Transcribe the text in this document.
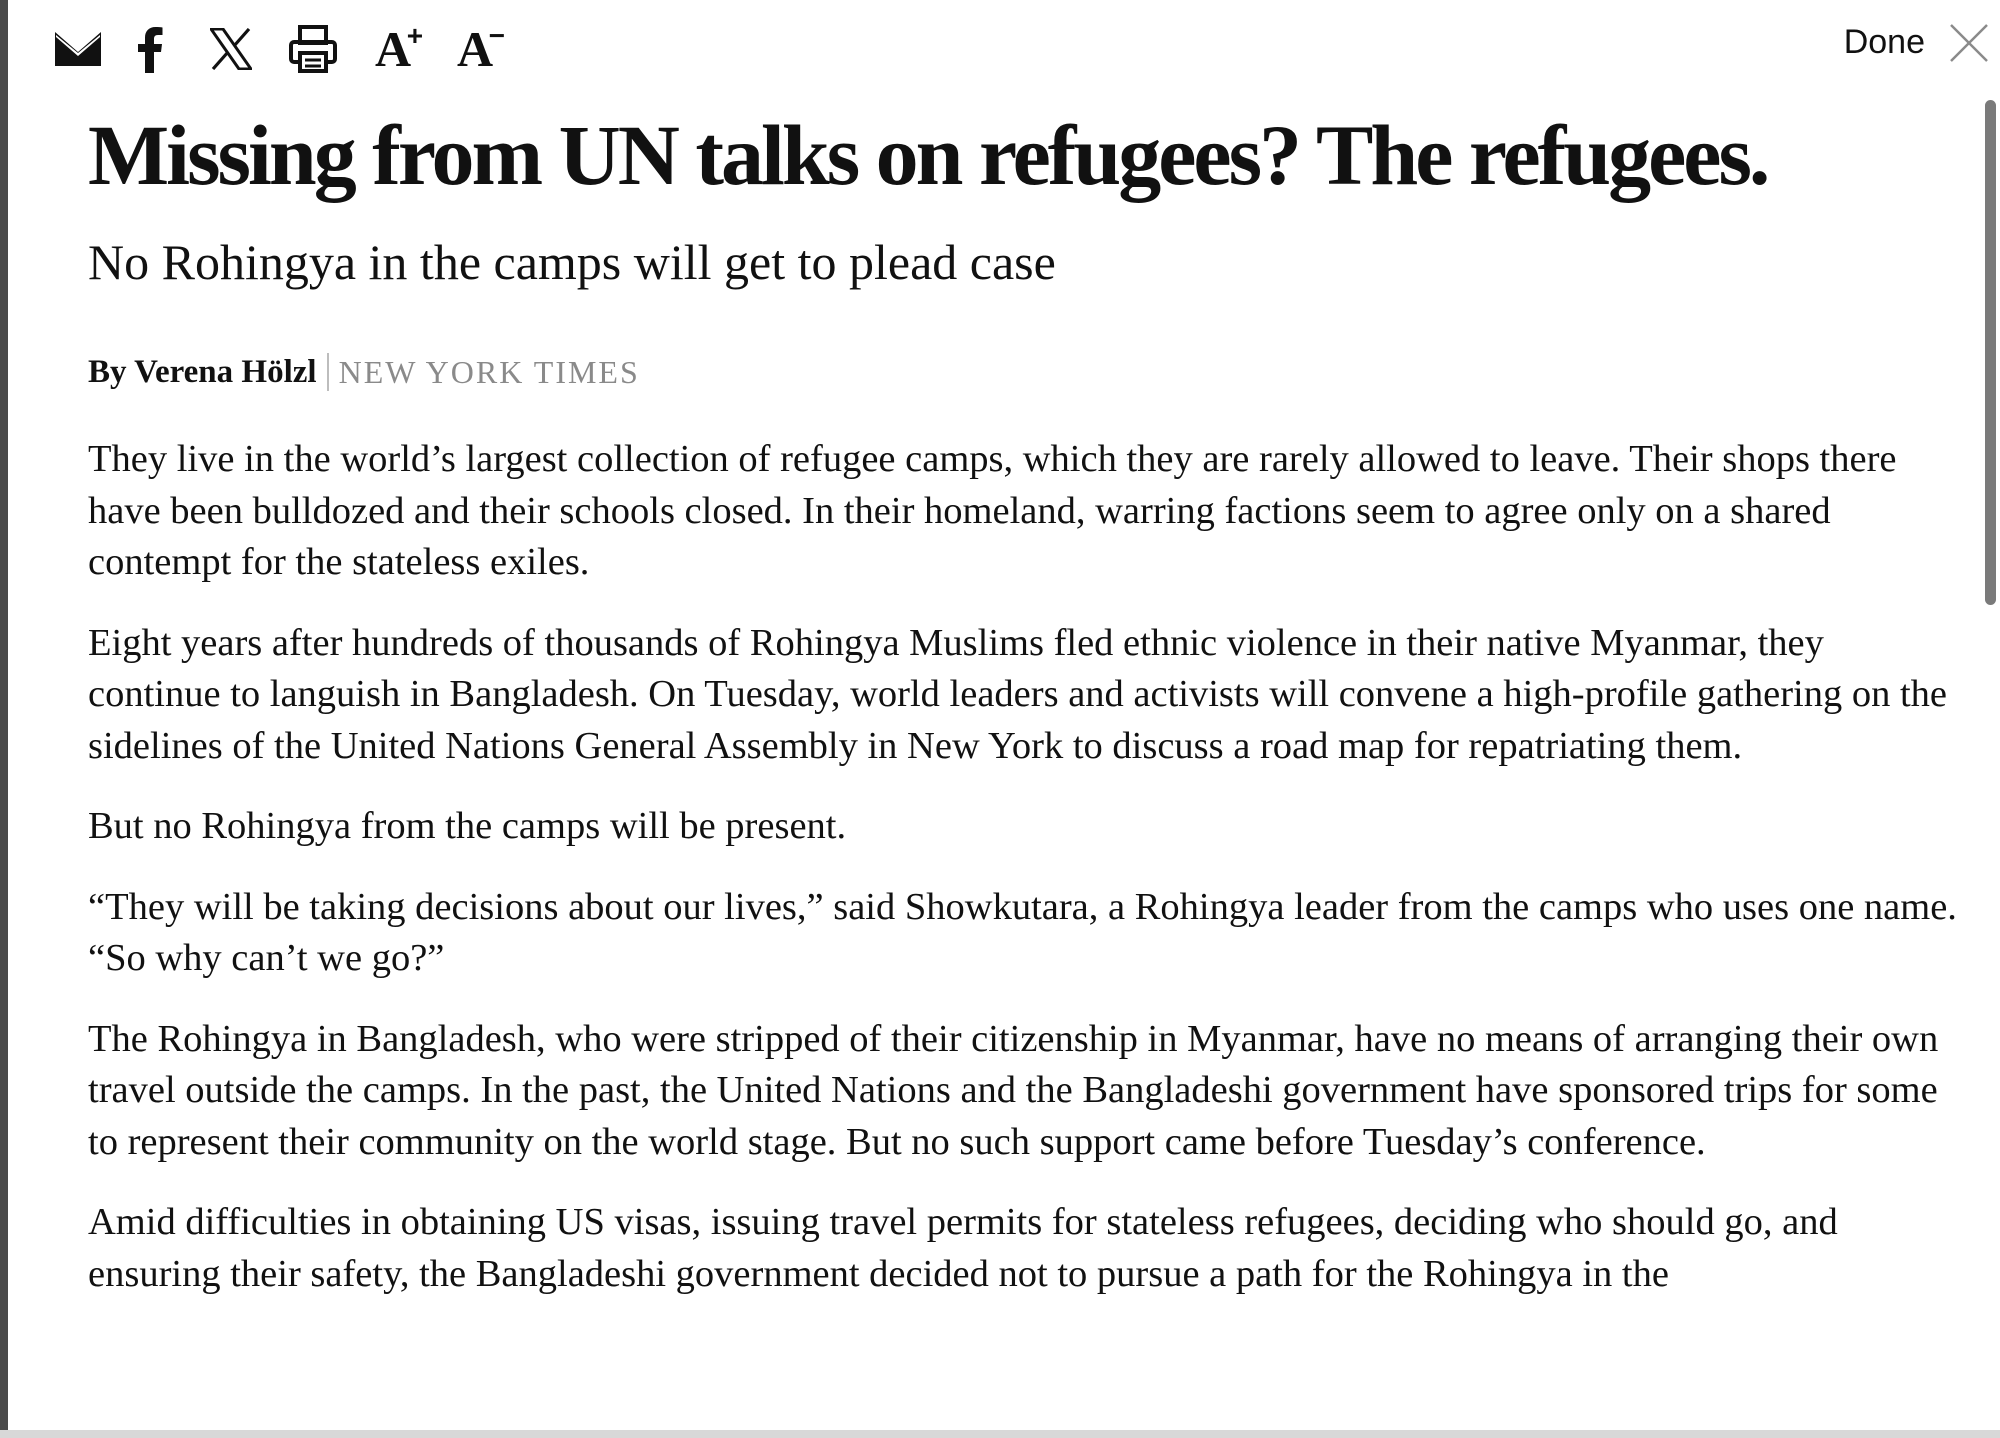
A
+ A
−	Done
Missing from UN talks on refugees? The refugees.
No Rohingya in the camps will get to plead case
By Verena Hölzl NEW YORK TIMES

They live in the world’s largest collection of refugee camps, which they are rarely allowed to leave. Their shops there have been bulldozed and their schools closed. In their homeland, warring factions seem to agree only on a shared contempt for the stateless exiles.

Eight years after hundreds of thousands of Rohingya Muslims fled ethnic violence in their native Myanmar, they continue to languish in Bangladesh. On Tuesday, world leaders and activists will convene a high-profile gathering on the sidelines of the United Nations General Assembly in New York to discuss a road map for repatriating them.

But no Rohingya from the camps will be present.

“They will be taking decisions about our lives,” said Showkutara, a Rohingya leader from the camps who uses one name. “So why can’t we go?”

The Rohingya in Bangladesh, who were stripped of their citizenship in Myanmar, have no means of arranging their own travel outside the camps. In the past, the United Nations and the Bangladeshi government have sponsored trips for some to represent their community on the world stage. But no such support came before Tuesday’s conference.

Amid difficulties in obtaining US visas, issuing travel permits for stateless refugees, deciding who should go, and ensuring their safety, the Bangladeshi government decided not to pursue a path for the Rohingya in the
